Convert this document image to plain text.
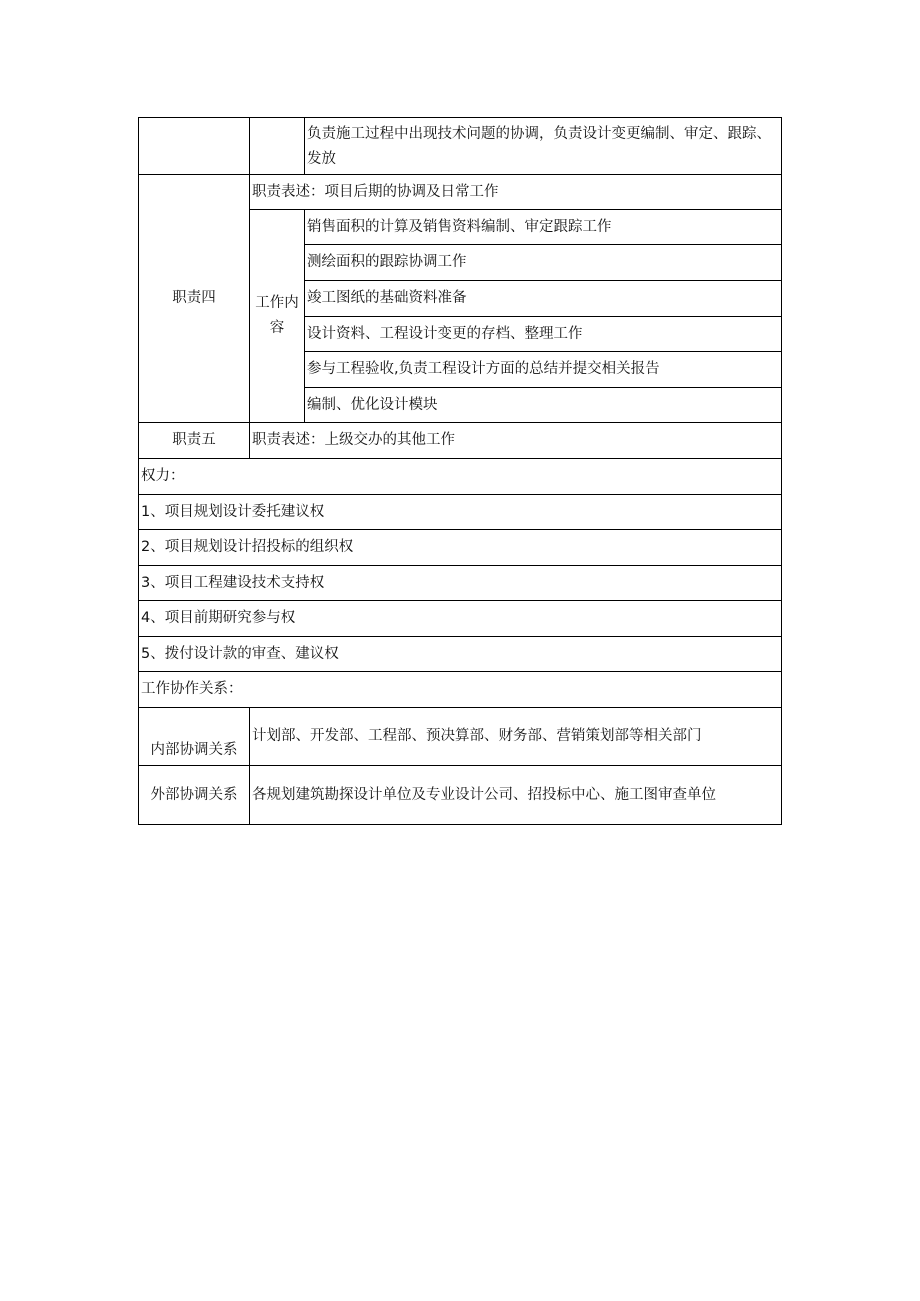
		负责施工过程中出现技术问题的协调，负责设计变更编制、审定、跟踪、发放
职责四	职责表述：项目后期的协调及日常工作	
	工作内容	销售面积的计算及销售资料编制、审定跟踪工作
		测绘面积的跟踪协调工作
		竣工图纸的基础资料准备
		设计资料、工程设计变更的存档、整理工作
		参与工程验收,负责工程设计方面的总结并提交相关报告
		编制、优化设计模块
职责五	职责表述：上级交办的其他工作	
权力：		
1、项目规划设计委托建议权		
2、项目规划设计招投标的组织权		
3、项目工程建设技术支持权		
4、项目前期研究参与权		
5、拨付设计款的审查、建议权		
工作协作关系：		
内部协调关系	计划部、开发部、工程部、预决算部、财务部、营销策划部等相关部门	
外部协调关系	各规划建筑勘探设计单位及专业设计公司、招投标中心、施工图审查单位	
